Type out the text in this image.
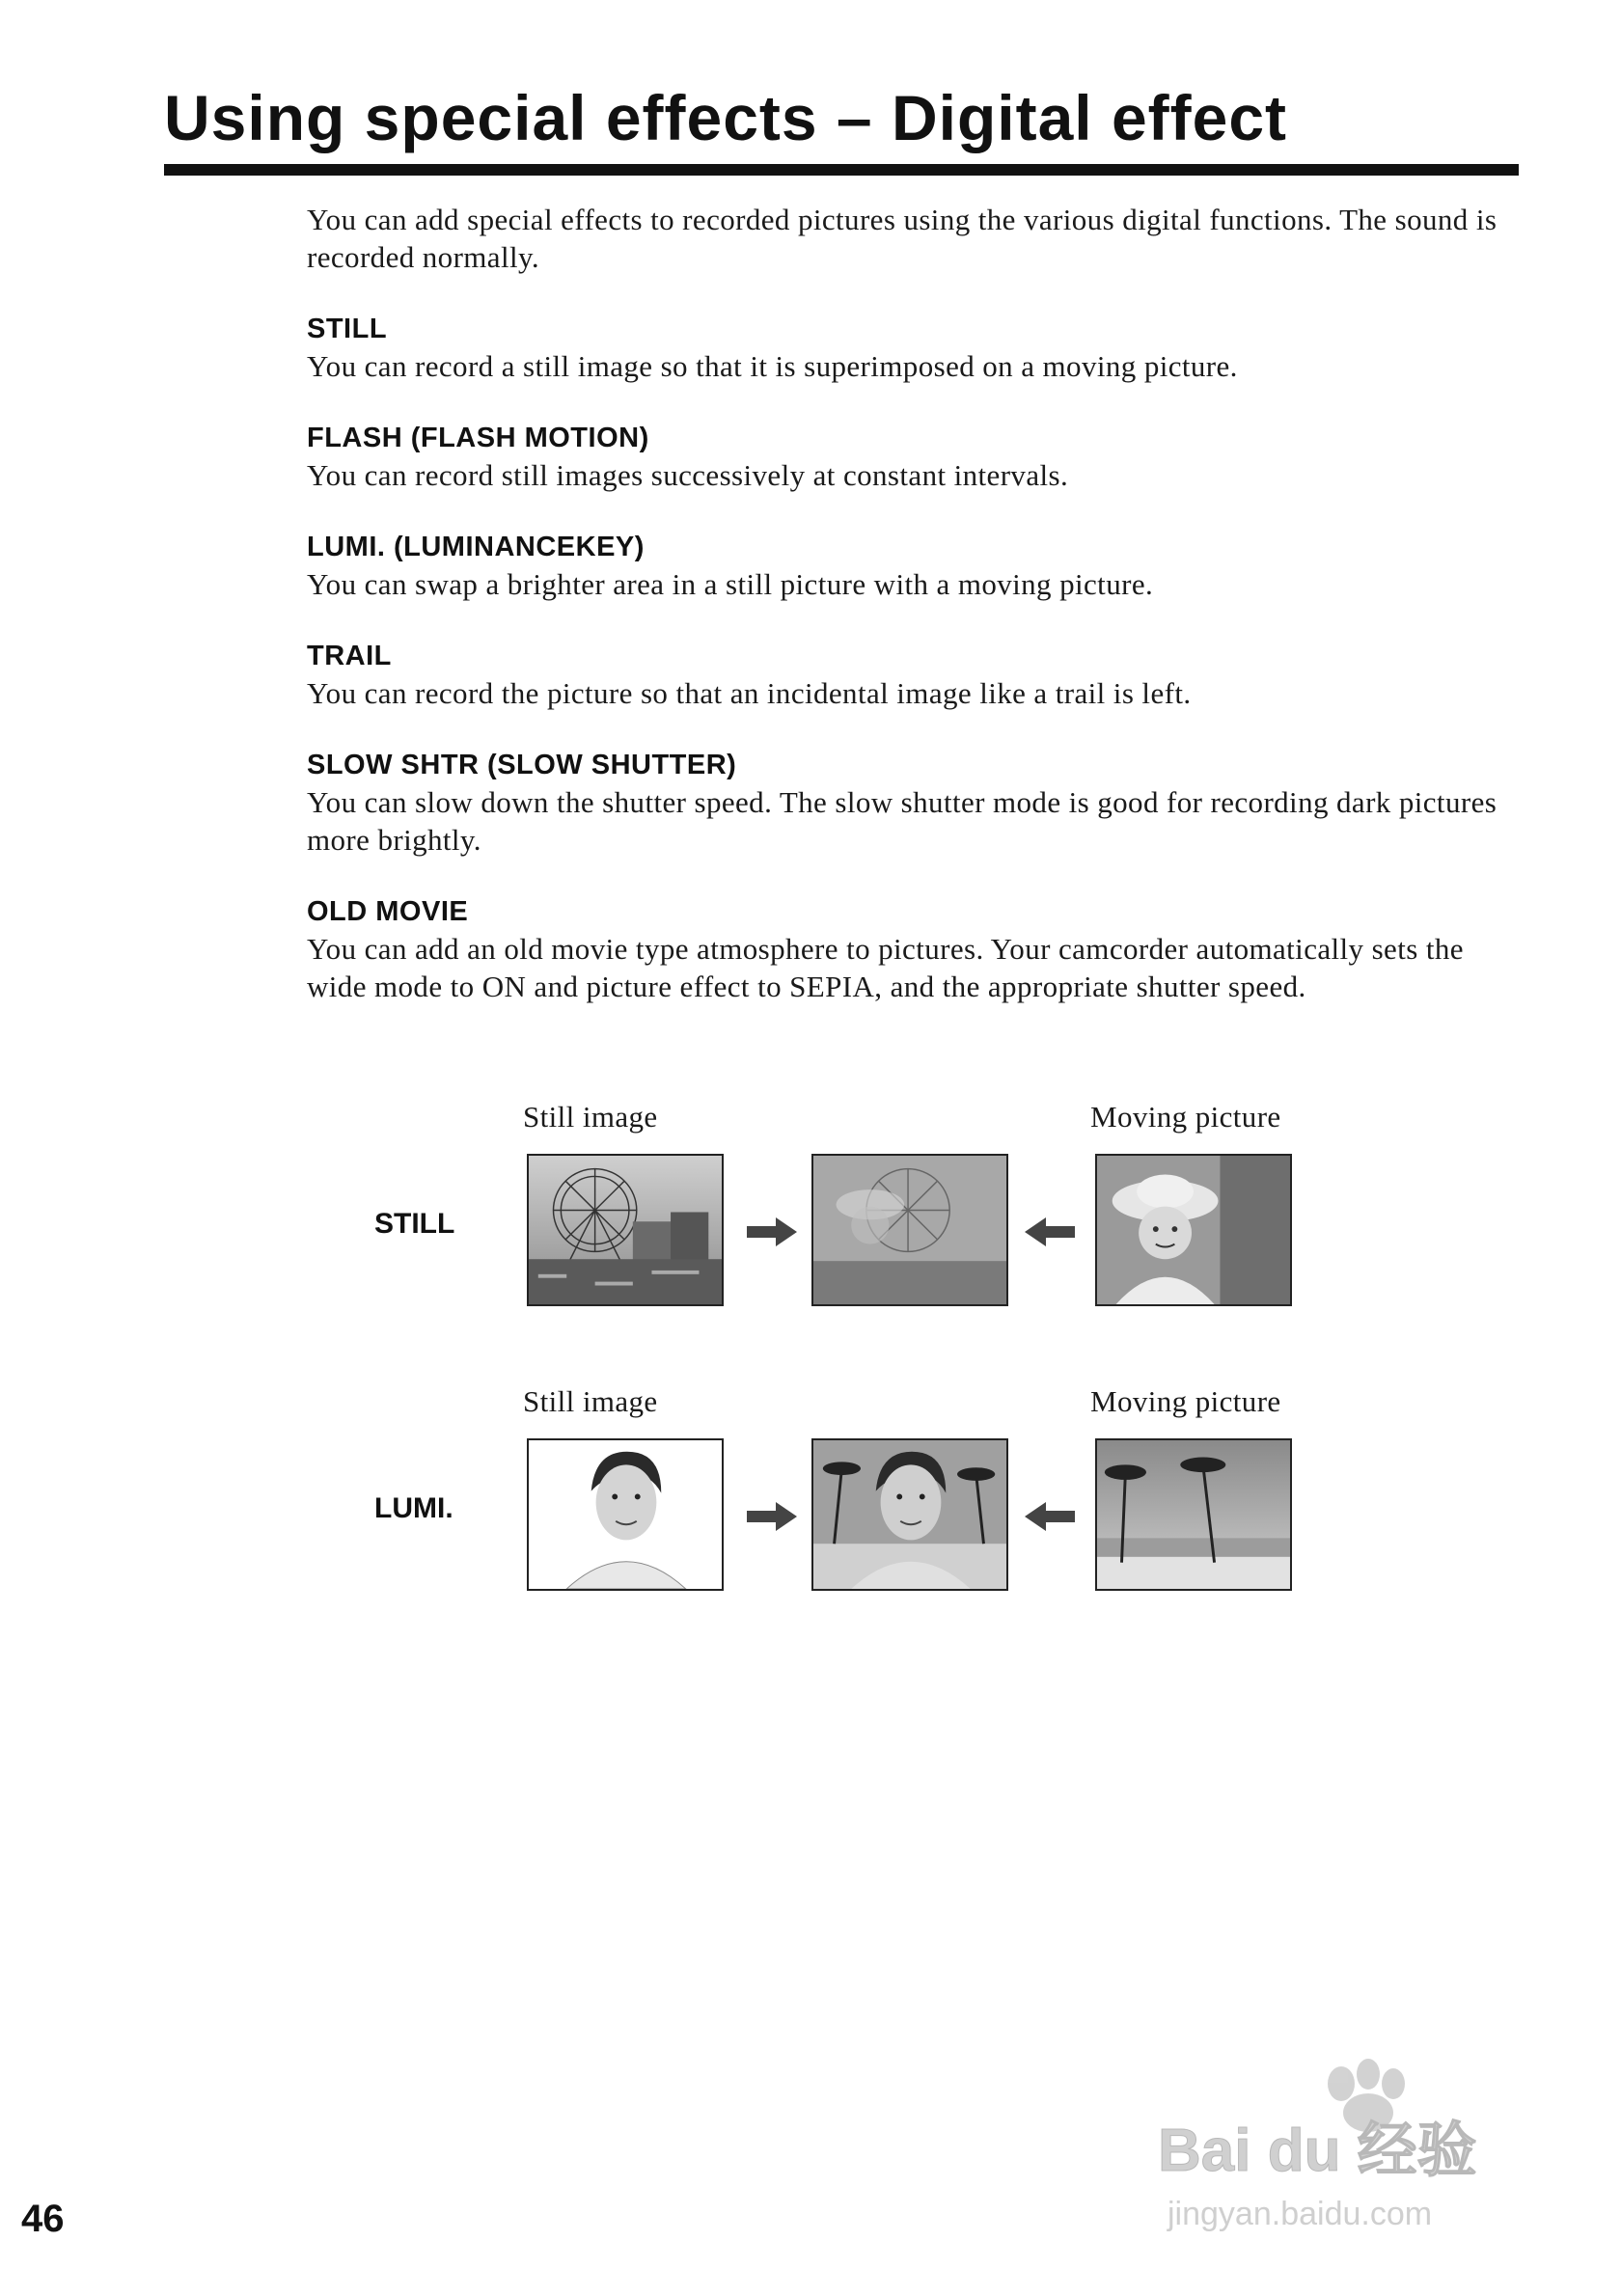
Using special effects – Digital effect

You can add special effects to recorded pictures using the various digital functions. The sound is recorded normally.

STILL

You can record a still image so that it is superimposed on a moving picture.

FLASH (FLASH MOTION)

You can record still images successively at constant intervals.

LUMI. (LUMINANCEKEY)

You can swap a brighter area in a still picture with a moving picture.

TRAIL

You can record the picture so that an incidental image like a trail is left.

SLOW SHTR (SLOW SHUTTER)

You can slow down the shutter speed. The slow shutter mode is good for recording dark pictures more brightly.

OLD MOVIE

You can add an old movie type atmosphere to pictures. Your camcorder automatically sets the wide mode to ON and picture effect to SEPIA, and the appropriate shutter speed.

Still image	Moving picture
STILL
Still image	Moving picture
LUMI.
46
Bai du 经验
jingyan.baidu.com
